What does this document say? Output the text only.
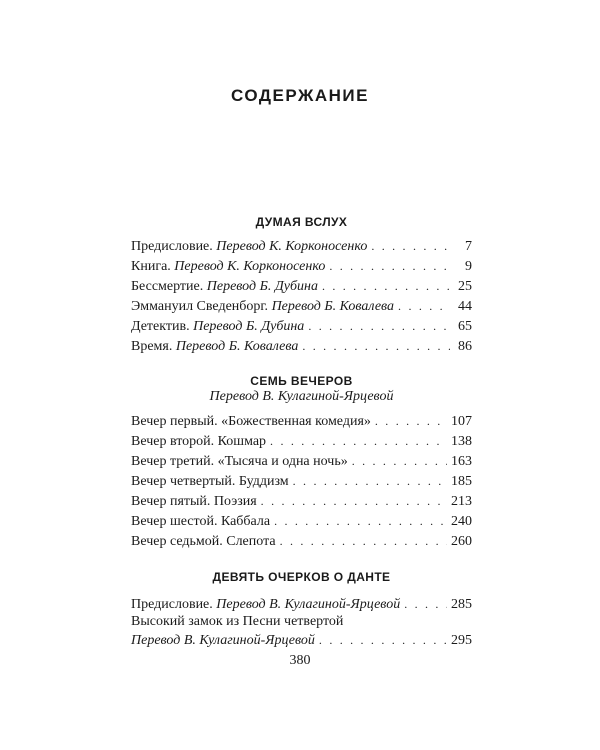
СОДЕРЖАНИЕ
ДУМАЯ ВСЛУХ
Предисловие. Перевод К. Корконосенко . . .	7
Книга. Перевод К. Корконосенко . . .	9
Бессмертие. Перевод Б. Дубина . . .	25
Эммануил Сведенборг. Перевод Б. Ковалева . . .	44
Детектив. Перевод Б. Дубина . . .	65
Время. Перевод Б. Ковалева . . .	86
СЕМЬ ВЕЧЕРОВ
Перевод В. Кулагиной-Ярцевой
Вечер первый. «Божественная комедия» . . .	107
Вечер второй. Кошмар . . .	138
Вечер третий. «Тысяча и одна ночь» . . .	163
Вечер четвертый. Буддизм . . .	185
Вечер пятый. Поэзия . . .	213
Вечер шестой. Каббала . . .	240
Вечер седьмой. Слепота . . .	260
ДЕВЯТЬ ОЧЕРКОВ О ДАНТЕ
Предисловие. Перевод В. Кулагиной-Ярцевой . . .	285
Высокий замок из Песни четвертой
Перевод В. Кулагиной-Ярцевой . . .	295
380
